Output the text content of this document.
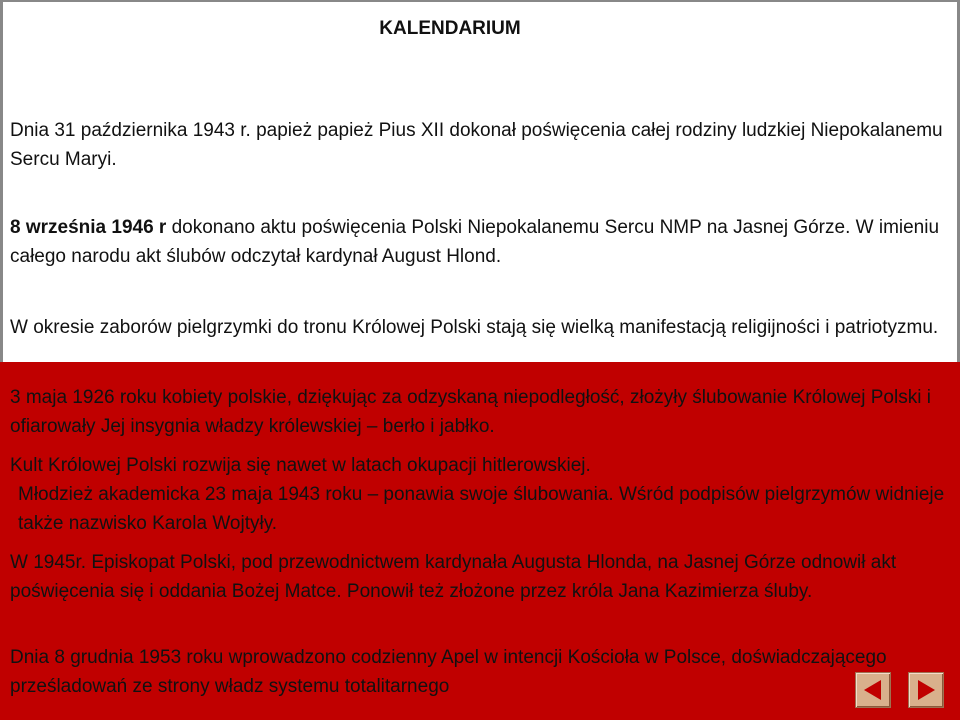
KALENDARIUM

Dnia 31 października 1943 r. papież papież Pius XII dokonał poświęcenia całej rodziny ludzkiej Niepokalanemu Sercu Maryi.

8 września 1946 r dokonano aktu poświęcenia Polski Niepokalanemu Sercu NMP na Jasnej Górze. W imieniu całego narodu akt ślubów odczytał kardynał August Hlond.

W okresie zaborów pielgrzymki do tronu Królowej Polski stają się wielką manifestacją religijności i patriotyzmu.

3 maja 1926 roku kobiety polskie, dziękując za odzyskaną niepodległość, złożyły ślubowanie Królowej Polski i ofiarowały Jej insygnia władzy królewskiej – berło i jabłko.

Kult Królowej Polski rozwija się nawet w latach okupacji hitlerowskiej.
Młodzież akademicka 23 maja 1943 roku – ponawia swoje ślubowania. Wśród podpisów pielgrzymów widnieje także nazwisko Karola Wojtyły.

W 1945r. Episkopat Polski, pod przewodnictwem kardynała Augusta Hlonda, na Jasnej Górze odnowił akt poświęcenia się i oddania Bożej Matce. Ponowił też złożone przez króla Jana Kazimierza śluby.

Dnia 8 grudnia 1953 roku wprowadzono codzienny Apel w intencji Kościoła w Polsce, doświadczającego prześladowań ze strony władz systemu totalitarnego
